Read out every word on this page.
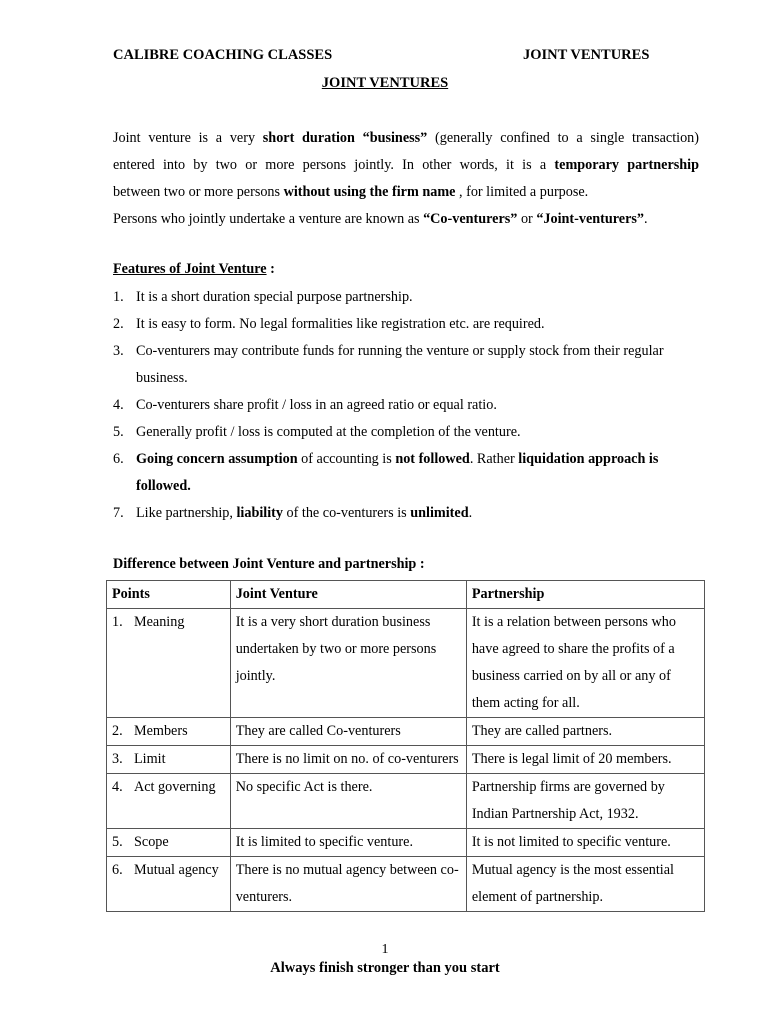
CALIBRE COACHING CLASSES	JOINT VENTURES
JOINT VENTURES
Joint venture is a very short duration “business” (generally confined to a single transaction)
entered into by two or more persons jointly. In other words, it is a temporary partnership
between two or more persons without using the firm name , for limited a purpose.
Persons who jointly undertake a venture are known as “Co-venturers” or “Joint-venturers”.
Features of Joint Venture :
1. It is a short duration special purpose partnership.
2. It is easy to form. No legal formalities like registration etc. are required.
3. Co-venturers may contribute funds for running the venture or supply stock from their regular business.
4. Co-venturers share profit / loss in an agreed ratio or equal ratio.
5. Generally profit / loss is computed at the completion of the venture.
6. Going concern assumption of accounting is not followed. Rather liquidation approach is followed.
7. Like partnership, liability of the co-venturers is unlimited.
Difference between Joint Venture and partnership :
Points	Joint Venture	Partnership
1. Meaning	It is a very short duration business undertaken by two or more persons jointly.	It is a relation between persons who have agreed to share the profits of a business carried on by all or any of them acting for all.
2. Members	They are called Co-venturers	They are called partners.
3. Limit	There is no limit on no. of co-venturers	There is legal limit of 20 members.
4. Act governing	No specific Act is there.	Partnership firms are governed by Indian Partnership Act, 1932.
5. Scope	It is limited to specific venture.	It is not limited to specific venture.
6. Mutual agency	There is no mutual agency between co-venturers.	Mutual agency is the most essential element of partnership.
1
Always finish stronger than you start
